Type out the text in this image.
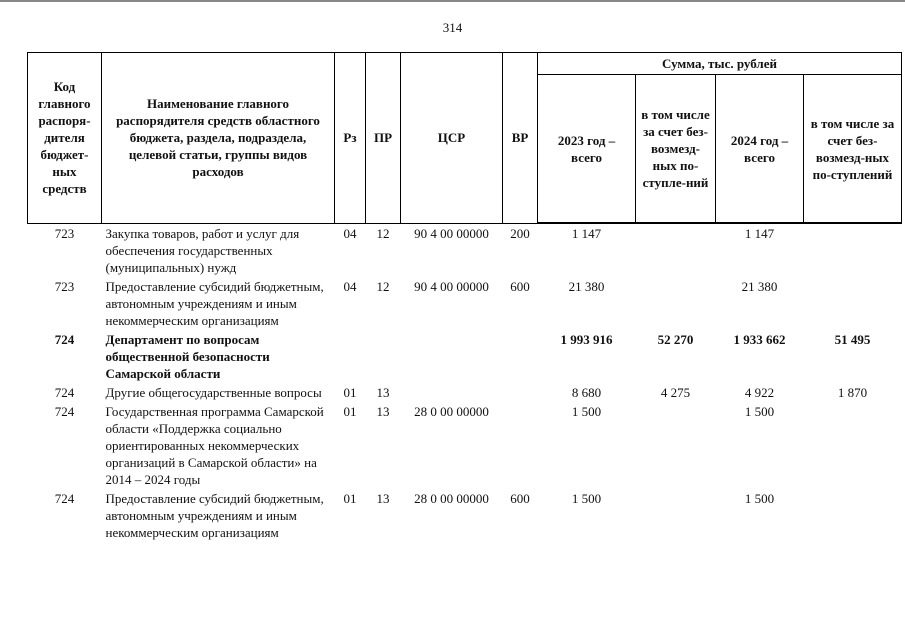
314
Код главного распоря-дителя бюджет-ных средств	Наименование главного распорядителя средств областного бюджета, раздела, подраздела, целевой статьи, группы видов расходов	Рз	ПР	ЦСР	ВР	Сумма, тыс. рублей			
						2023 год – всего	в том числе за счет без-возмезд-ных по-ступле-ний	2024 год – всего	в том числе за счет без-возмезд-ных по-ступлений
723	Закупка товаров, работ и услуг для обеспечения государственных (муниципальных) нужд	04	12	90 4 00 00000	200	1 147		1 147	
723	Предоставление субсидий бюджетным, автономным учреждениям и иным некоммерческим организациям	04	12	90 4 00 00000	600	21 380		21 380	
724	Департамент по вопросам общественной безопасности Самарской области					1 993 916	52 270	1 933 662	51 495
724	Другие общегосударственные вопросы	01	13			8 680	4 275	4 922	1 870
724	Государственная программа Самарской области «Поддержка социально ориентированных некоммерческих организаций в Самарской области» на 2014 – 2024 годы	01	13	28 0 00 00000		1 500		1 500	
724	Предоставление субсидий бюджетным, автономным учреждениям и иным некоммерческим организациям	01	13	28 0 00 00000	600	1 500		1 500	
